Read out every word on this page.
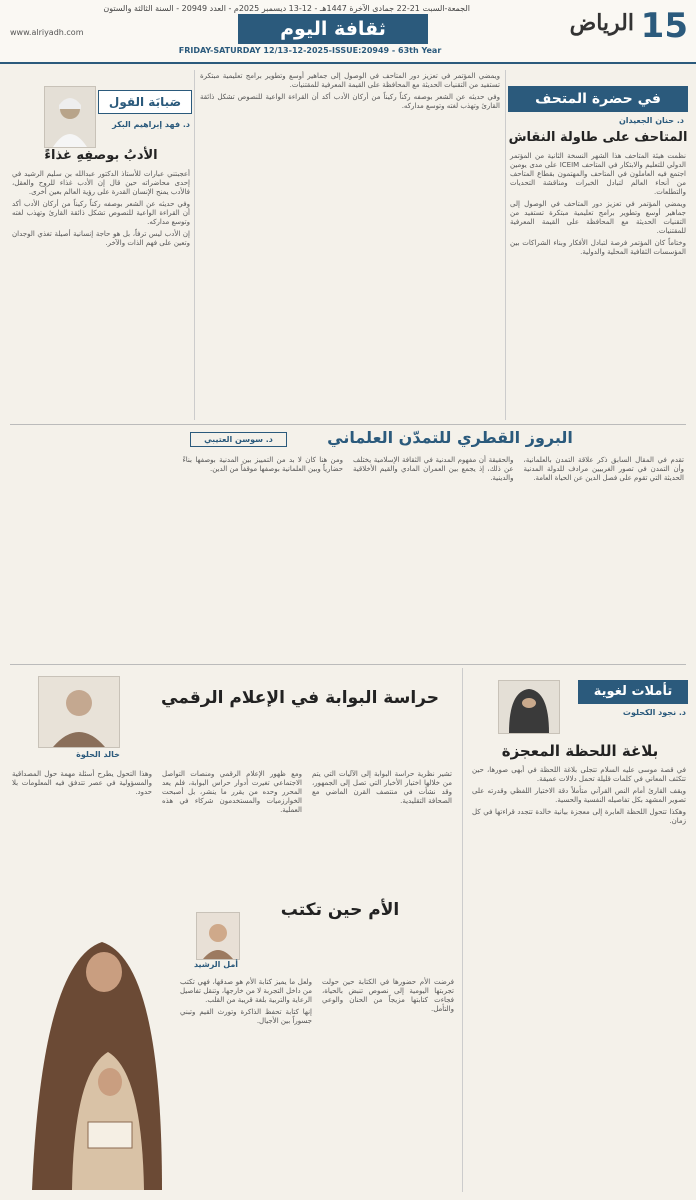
15
الرياض
الجمعة-السبت 21-22 جمادى الآخرة 1447هـ - 12-13 ديسمبر 2025م - العدد 20949 - السنة الثالثة والستون
ثقافة اليوم
FRIDAY-SATURDAY 12/13-12-2025-ISSUE:20949 - 63th Year
www.alriyadh.com
في حضرة المتحف
د. حنان الجعيدان
المتاحف على طاولة النقاش

نظمت هيئة المتاحف هذا الشهر النسخة الثانية من المؤتمر الدولي للتعليم والابتكار في المتاحف ICEIM على مدى يومين اجتمع فيه العاملون في المتاحف والمهتمون بقطاع المتاحف من أنحاء العالم لتبادل الخبرات ومناقشة التحديات والتطلعات.

ويمضي المؤتمر في تعزيز دور المتاحف في الوصول إلى جماهير أوسع وتطوير برامج تعليمية مبتكرة تستفيد من التقنيات الحديثة مع المحافظة على القيمة المعرفية للمقتنيات.

وختاماً كان المؤتمر فرصة لتبادل الأفكار وبناء الشراكات بين المؤسسات الثقافية المحلية والدولية.

ويمضي المؤتمر في تعزيز دور المتاحف في الوصول إلى جماهير أوسع وتطوير برامج تعليمية مبتكرة تستفيد من التقنيات الحديثة مع المحافظة على القيمة المعرفية للمقتنيات.

وفي حديثه عن الشعر بوصفه ركناً ركيناً من أركان الأدب أكد أن القراءة الواعية للنصوص تشكل ذائقة القارئ وتهذب لغته وتوسع مداركه.

صَبابَة القول
د. فهد إبراهيم البكر
الأدبُ بوصفِهِ غذاءً

أعجبتني عبارات للأستاذ الدكتور عبدالله بن سليم الرشيد في إحدى محاضراته حين قال إن الأدب غذاء للروح والعقل، فالأدب يمنح الإنسان القدرة على رؤية العالم بعين أخرى.

وفي حديثه عن الشعر بوصفه ركناً ركيناً من أركان الأدب أكد أن القراءة الواعية للنصوص تشكل ذائقة القارئ وتهذب لغته وتوسع مداركه.

إن الأدب ليس ترفاً، بل هو حاجة إنسانية أصيلة تغذي الوجدان وتعين على فهم الذات والآخر.

البروز القطري للتمدّن العلماني
د. سوسن العتيبي

تقدم في المقال السابق ذكر علاقة التمدن بالعلمانية، وأن التمدن في تصور الغربيين مرادف للدولة المدنية الحديثة التي تقوم على فصل الدين عن الحياة العامة.

والحقيقة أن مفهوم المدنية في الثقافة الإسلامية يختلف عن ذلك، إذ يجمع بين العمران المادي والقيم الأخلاقية والدينية.

ومن هنا كان لا بد من التمييز بين المدنية بوصفها بناءً حضارياً وبين العلمانية بوصفها موقفاً من الدين.

خالد الحلوة
حراسة البوابة في الإعلام الرقمي

تشير نظرية حراسة البوابة إلى الآليات التي يتم من خلالها اختيار الأخبار التي تصل إلى الجمهور، وقد نشأت في منتصف القرن الماضي مع الصحافة التقليدية.

ومع ظهور الإعلام الرقمي ومنصات التواصل الاجتماعي تغيرت أدوار حراس البوابة، فلم يعد المحرر وحده من يقرر ما ينشر، بل أصبحت الخوارزميات والمستخدمون شركاء في هذه العملية.

وهذا التحول يطرح أسئلة مهمة حول المصداقية والمسؤولية في عصر تتدفق فيه المعلومات بلا حدود.

تأملات لغوية
د. نجود الكحلوت
بلاغة اللحظة المعجزة

في قصة موسى عليه السلام تتجلى بلاغة اللحظة في أبهى صورها، حين تتكثف المعاني في كلمات قليلة تحمل دلالات عميقة.

ويقف القارئ أمام النص القرآني متأملاً دقة الاختيار اللفظي وقدرته على تصوير المشهد بكل تفاصيله النفسية والحسية.

وهكذا تتحول اللحظة العابرة إلى معجزة بيانية خالدة تتجدد قراءتها في كل زمان.

أمل الرشيد
الأم حين تكتب

فرضت الأم حضورها في الكتابة حين حولت تجربتها اليومية إلى نصوص تنبض بالحياة، فجاءت كتابتها مزيجاً من الحنان والوعي والتأمل.

ولعل ما يميز كتابة الأم هو صدقها، فهي تكتب من داخل التجربة لا من خارجها، وتنقل تفاصيل الرعاية والتربية بلغة قريبة من القلب.

إنها كتابة تحفظ الذاكرة وتورث القيم وتبني جسوراً بين الأجيال.
